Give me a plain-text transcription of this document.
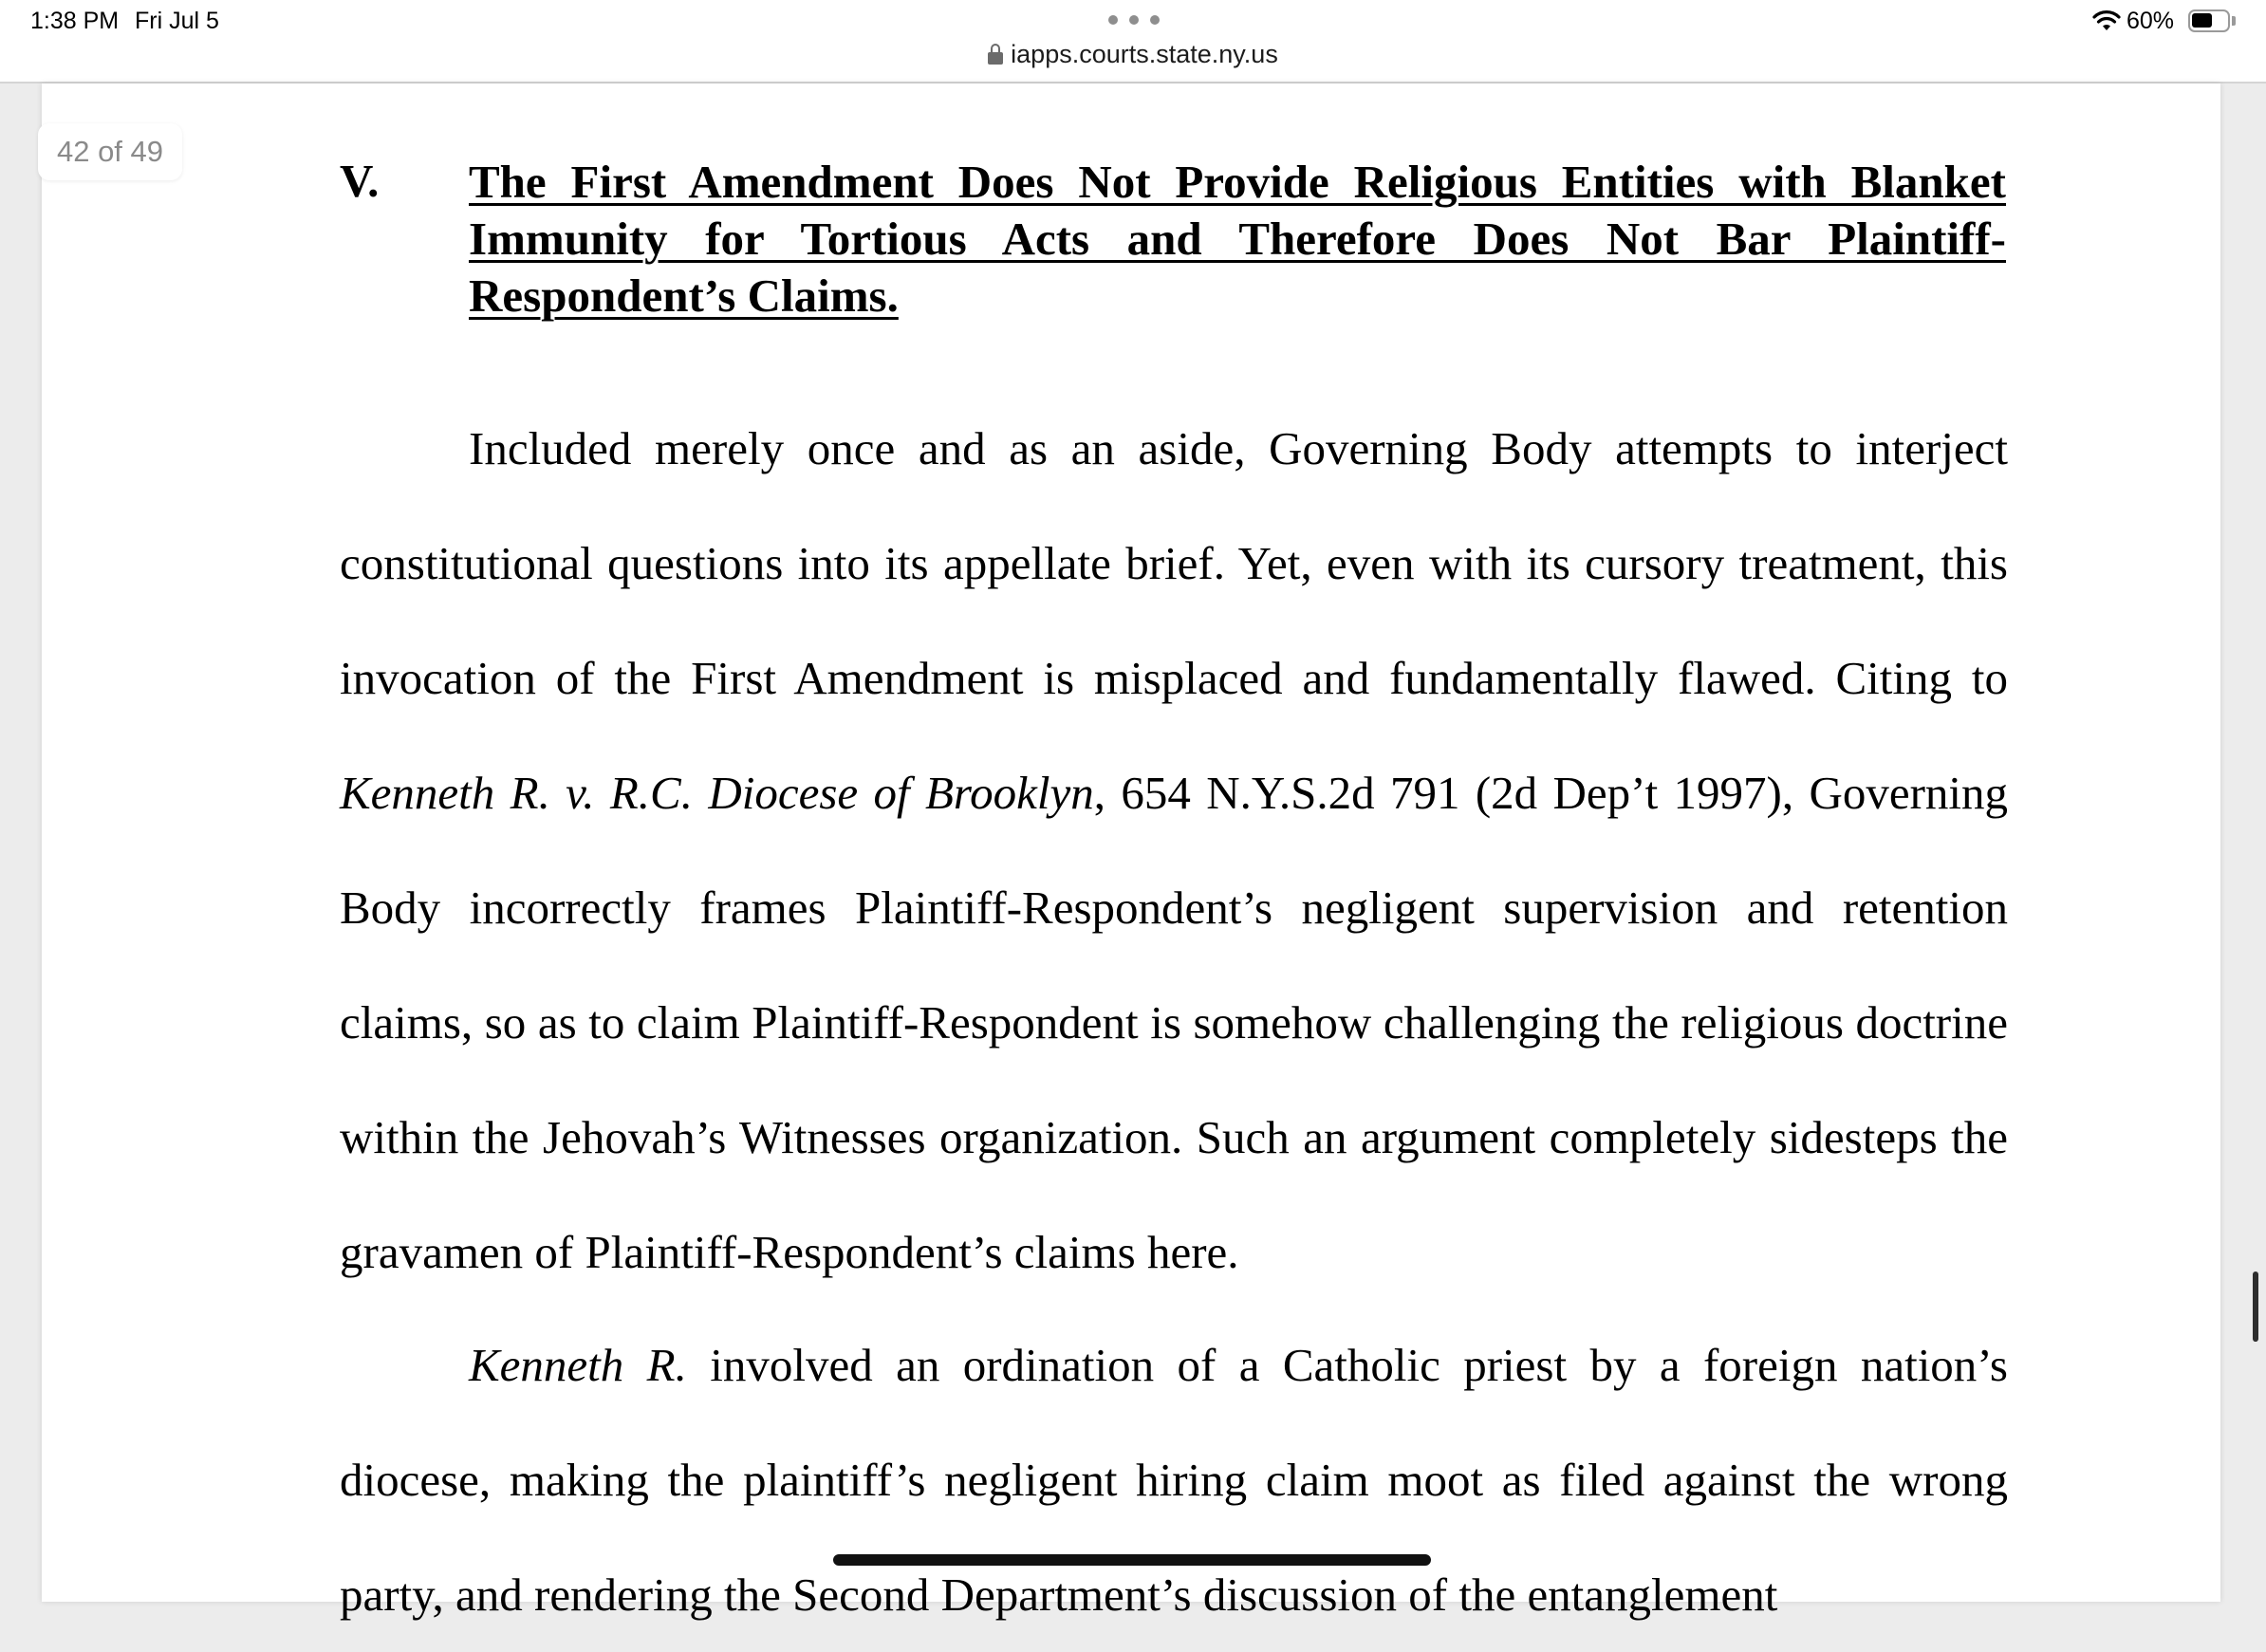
1:38 PM Fri Jul 5
iapps.courts.state.ny.us
60%
V. The First Amendment Does Not Provide Religious Entities with Blanket Immunity for Tortious Acts and Therefore Does Not Bar Plaintiff-Respondent’s Claims.

Included merely once and as an aside, Governing Body attempts to interject constitutional questions into its appellate brief. Yet, even with its cursory treatment, this invocation of the First Amendment is misplaced and fundamentally flawed. Citing to Kenneth R. v. R.C. Diocese of Brooklyn, 654 N.Y.S.2d 791 (2d Dep’t 1997), Governing Body incorrectly frames Plaintiff-Respondent’s negligent supervision and retention claims, so as to claim Plaintiff-Respondent is somehow challenging the religious doctrine within the Jehovah’s Witnesses organization. Such an argument completely sidesteps the gravamen of Plaintiff-Respondent’s claims here.

Kenneth R. involved an ordination of a Catholic priest by a foreign nation’s diocese, making the plaintiff’s negligent hiring claim moot as filed against the wrong party, and rendering the Second Department’s discussion of the entanglement

42 of 49
